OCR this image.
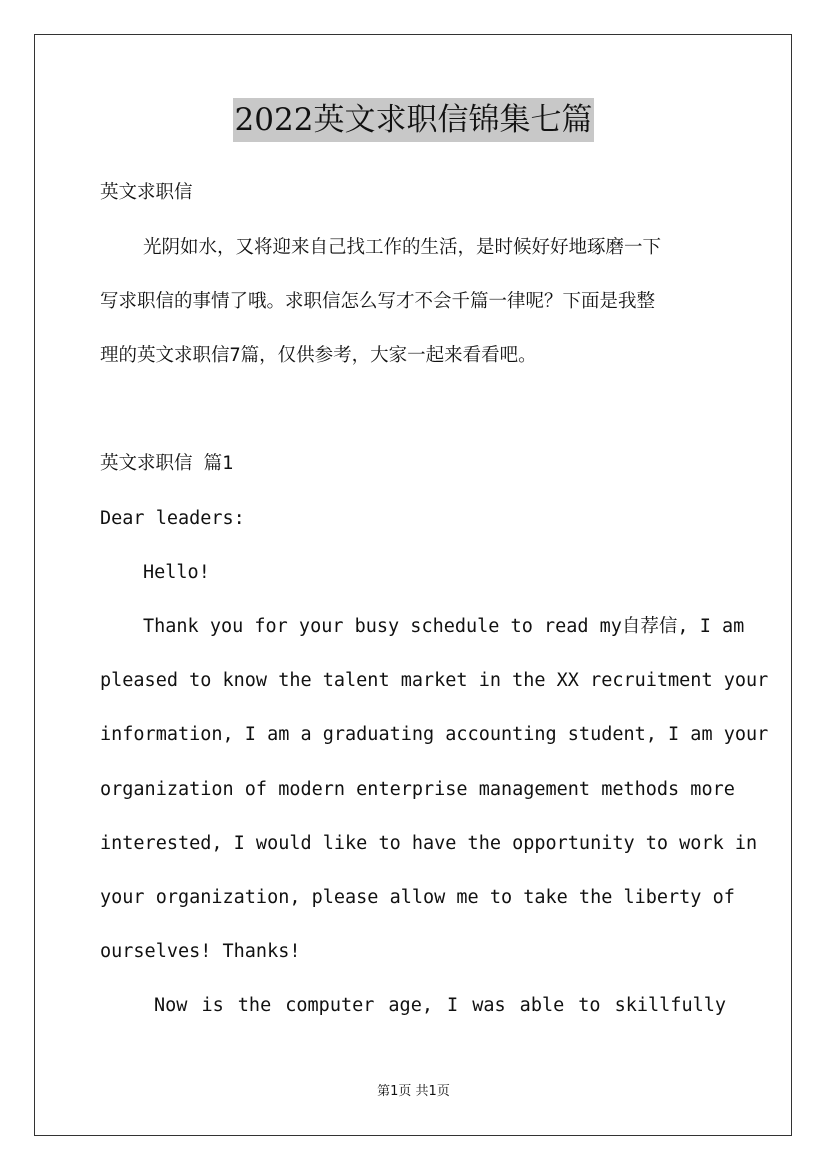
2022英文求职信锦集七篇
英文求职信
光阴如水，又将迎来自己找工作的生活，是时候好好地琢磨一下
写求职信的事情了哦。求职信怎么写才不会千篇一律呢？下面是我整
理的英文求职信7篇，仅供参考，大家一起来看看吧。
英文求职信 篇1
Dear leaders:
Hello!
Thank you for your busy schedule to read my自荐信, I am
pleased to know the talent market in the XX recruitment your
information, I am a graduating accounting student, I am your
organization of modern enterprise management methods more
interested, I would like to have the opportunity to work in
your organization, please allow me to take the liberty of
ourselves! Thanks!
Now is the computer age, I was able to skillfully
第1页 共1页
